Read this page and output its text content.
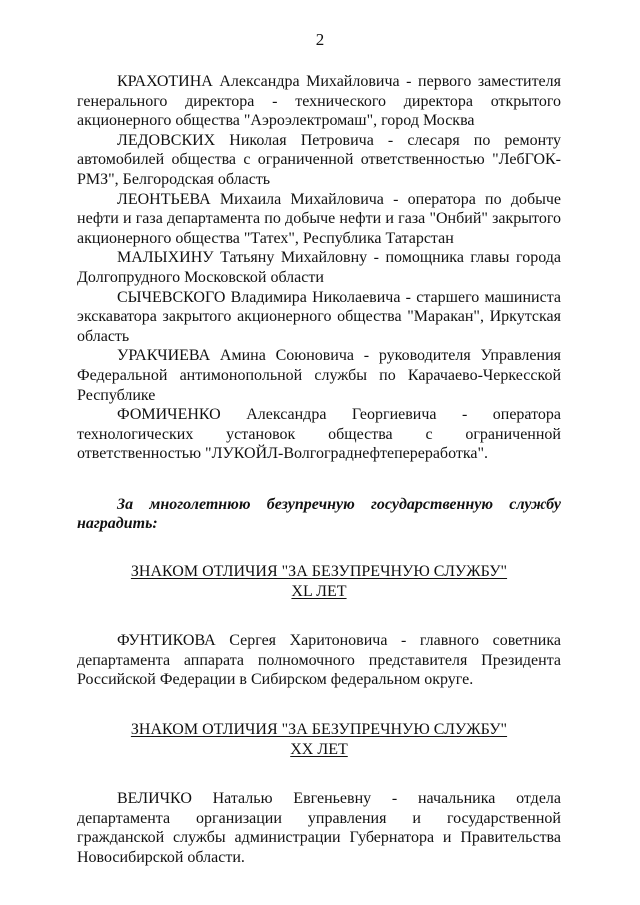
2

КРАХОТИНА Александра Михайловича - первого заместителя генерального директора - технического директора открытого акционерного общества "Аэроэлектромаш", город Москва

ЛЕДОВСКИХ Николая Петровича - слесаря по ремонту автомобилей общества с ограниченной ответственностью "ЛебГОК-РМЗ", Белгородская область

ЛЕОНТЬЕВА Михаила Михайловича - оператора по добыче нефти и газа департамента по добыче нефти и газа "Онбий" закрытого акционерного общества "Татех", Республика Татарстан

МАЛЫХИНУ Татьяну Михайловну - помощника главы города Долгопрудного Московской области

СЫЧЕВСКОГО Владимира Николаевича - старшего машиниста экскаватора закрытого акционерного общества "Маракан", Иркутская область

УРАКЧИЕВА Амина Союновича - руководителя Управления Федеральной антимонопольной службы по Карачаево-Черкесской Республике

ФОМИЧЕНКО Александра Георгиевича - оператора технологических установок общества с ограниченной ответственностью "ЛУКОЙЛ-Волгограднефтепереработка".

За многолетнюю безупречную государственную службу наградить:

ЗНАКОМ ОТЛИЧИЯ "ЗА БЕЗУПРЕЧНУЮ СЛУЖБУ"

XL ЛЕТ

ФУНТИКОВА Сергея Харитоновича - главного советника департамента аппарата полномочного представителя Президента Российской Федерации в Сибирском федеральном округе.

ЗНАКОМ ОТЛИЧИЯ "ЗА БЕЗУПРЕЧНУЮ СЛУЖБУ"

XX ЛЕТ

ВЕЛИЧКО Наталью Евгеньевну - начальника отдела департамента организации управления и государственной гражданской службы администрации Губернатора и Правительства Новосибирской области.
